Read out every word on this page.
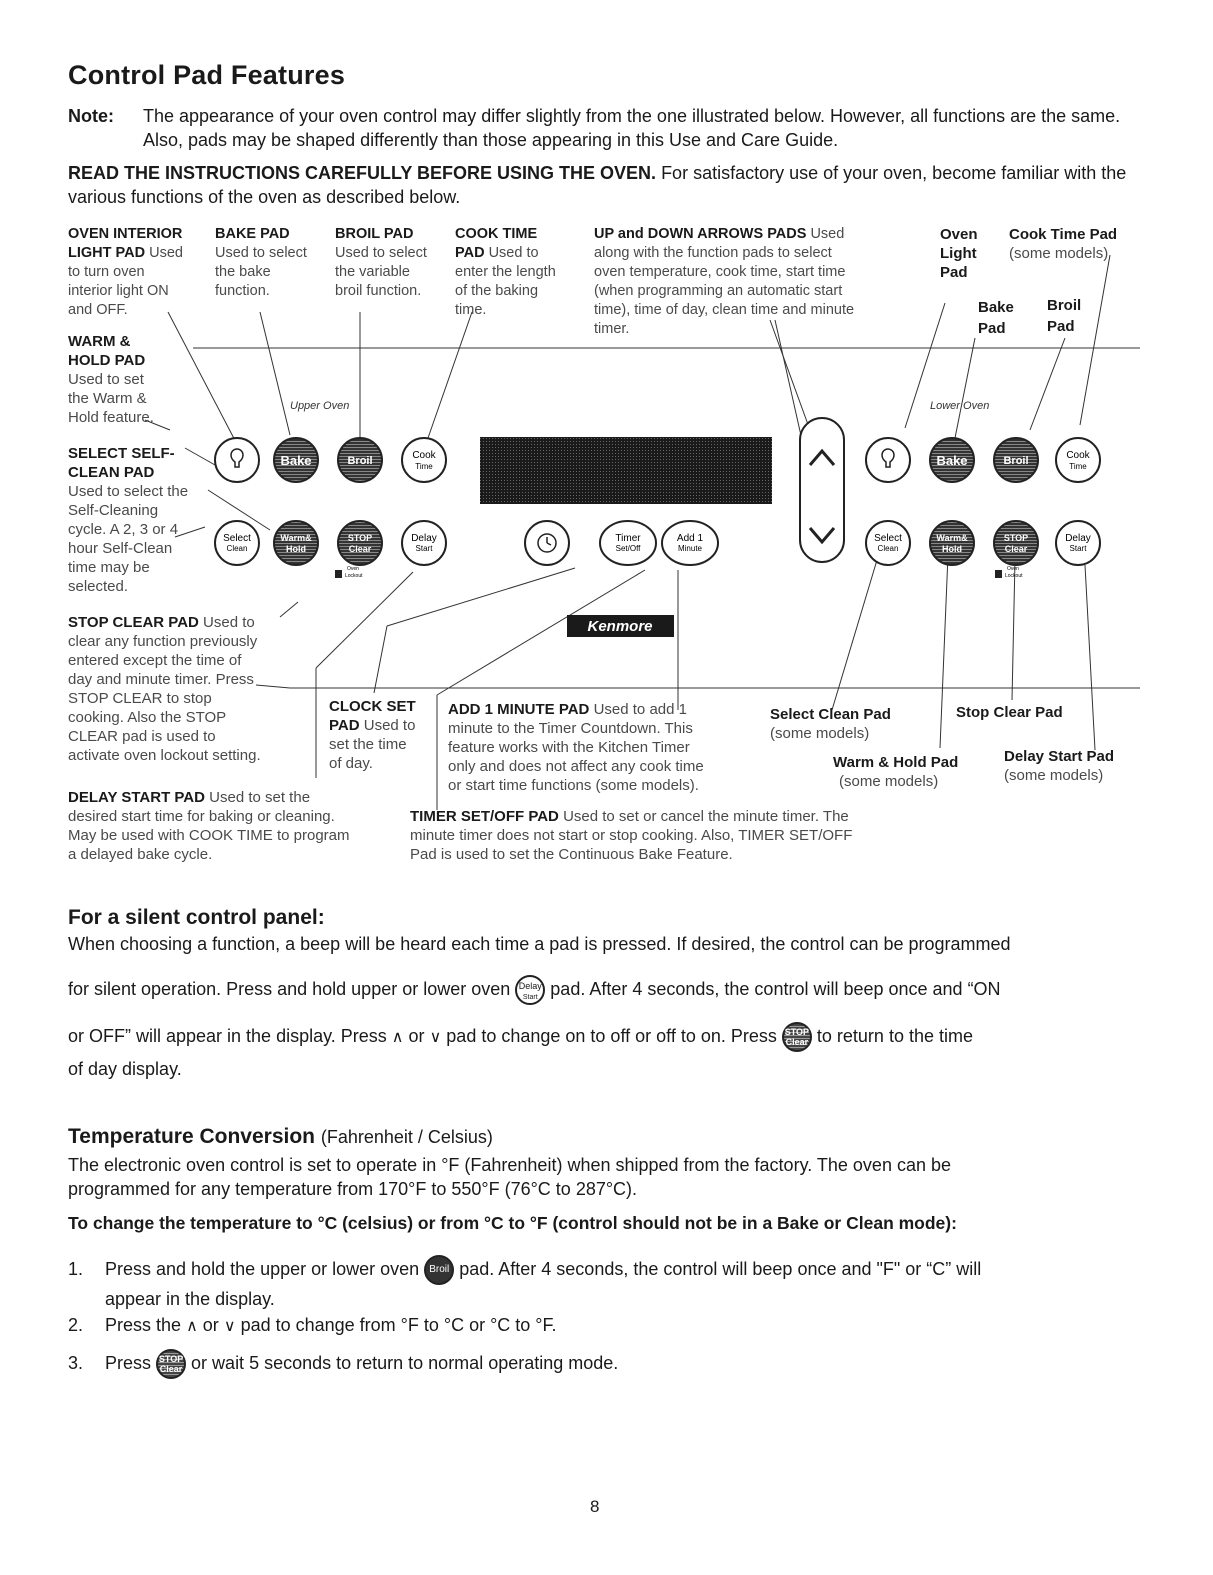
Control Pad Features
Note: The appearance of your oven control may differ slightly from the one illustrated below. However, all functions are the same. Also, pads may be shaped differently than those appearing in this Use and Care Guide.
READ THE INSTRUCTIONS CAREFULLY BEFORE USING THE OVEN. For satisfactory use of your oven, become familiar with the various functions of the oven as described below.
Upper Oven	Lower Oven
Kenmore
Bake	Broil	Cook
Time
Select
Clean
Warm&
Hold
STOP
Clear
Delay
Start
Oven
Lockout
Timer
Set/Off
Add 1
Minute
Bake	Broil	Cook
Time
Select
Clean
Warm&
Hold
STOP
Clear
Delay
Start
Oven
Lockout
OVEN INTERIOR
LIGHT PAD Used
to turn oven
interior light ON
and OFF.
BAKE PAD
Used to select
the bake
function.
BROIL PAD
Used to select
the variable
broil function.
COOK TIME
PAD Used to
enter the length
of the baking
time.
UP and DOWN ARROWS PADS Used
along with the function pads to select
oven temperature, cook time, start time
(when programming an automatic start
time), time of day, clean time and minute
timer.
Oven
Light
Pad
Cook Time Pad
(some models)
Bake
Pad
Broil
Pad
WARM &
HOLD PAD
Used to set
the Warm &
Hold feature.
SELECT SELF-
CLEAN PAD
Used to select the
Self-Cleaning
cycle. A 2, 3 or 4
hour Self-Clean
time may be
selected.
STOP CLEAR PAD Used to
clear any function previously
entered except the time of
day and minute timer. Press
STOP CLEAR to stop
cooking. Also the STOP
CLEAR pad is used to
activate oven lockout setting.
CLOCK SET
PAD Used to
set the time
of day.
ADD 1 MINUTE PAD Used to add 1
minute to the Timer Countdown. This
feature works with the Kitchen Timer
only and does not affect any cook time
or start time functions (some models).
Select Clean Pad
(some models)
Stop Clear Pad
Warm & Hold Pad
(some models)
Delay Start Pad
(some models)
DELAY START PAD Used to set the
desired start time for baking or cleaning.
May be used with COOK TIME to program
a delayed bake cycle.
TIMER SET/OFF PAD Used to set or cancel the minute timer. The
minute timer does not start or stop cooking. Also, TIMER SET/OFF
Pad is used to set the Continuous Bake Feature.
For a silent control panel:
When choosing a function, a beep will be heard each time a pad is pressed. If desired, the control can be programmed
for silent operation. Press and hold upper or lower oven Delay
Start pad. After 4 seconds, the control will beep once and “ON
or OFF” will appear in the display. Press ∧ or ∨ pad to change on to off or off to on. Press STOP
Clear to return to the time
of day display.
Temperature Conversion (Fahrenheit / Celsius)
The electronic oven control is set to operate in °F (Fahrenheit) when shipped from the factory. The oven can be
programmed for any temperature from 170°F to 550°F (76°C to 287°C).
To change the temperature to °C (celsius) or from °C to °F (control should not be in a Bake or Clean mode):
1. Press and hold the upper or lower oven Broil pad. After 4 seconds, the control will beep once and "F" or “C” will
appear in the display.
2. Press the ∧ or ∨ pad to change from °F to °C or °C to °F.
3. Press STOP
Clear or wait 5 seconds to return to normal operating mode.
8
